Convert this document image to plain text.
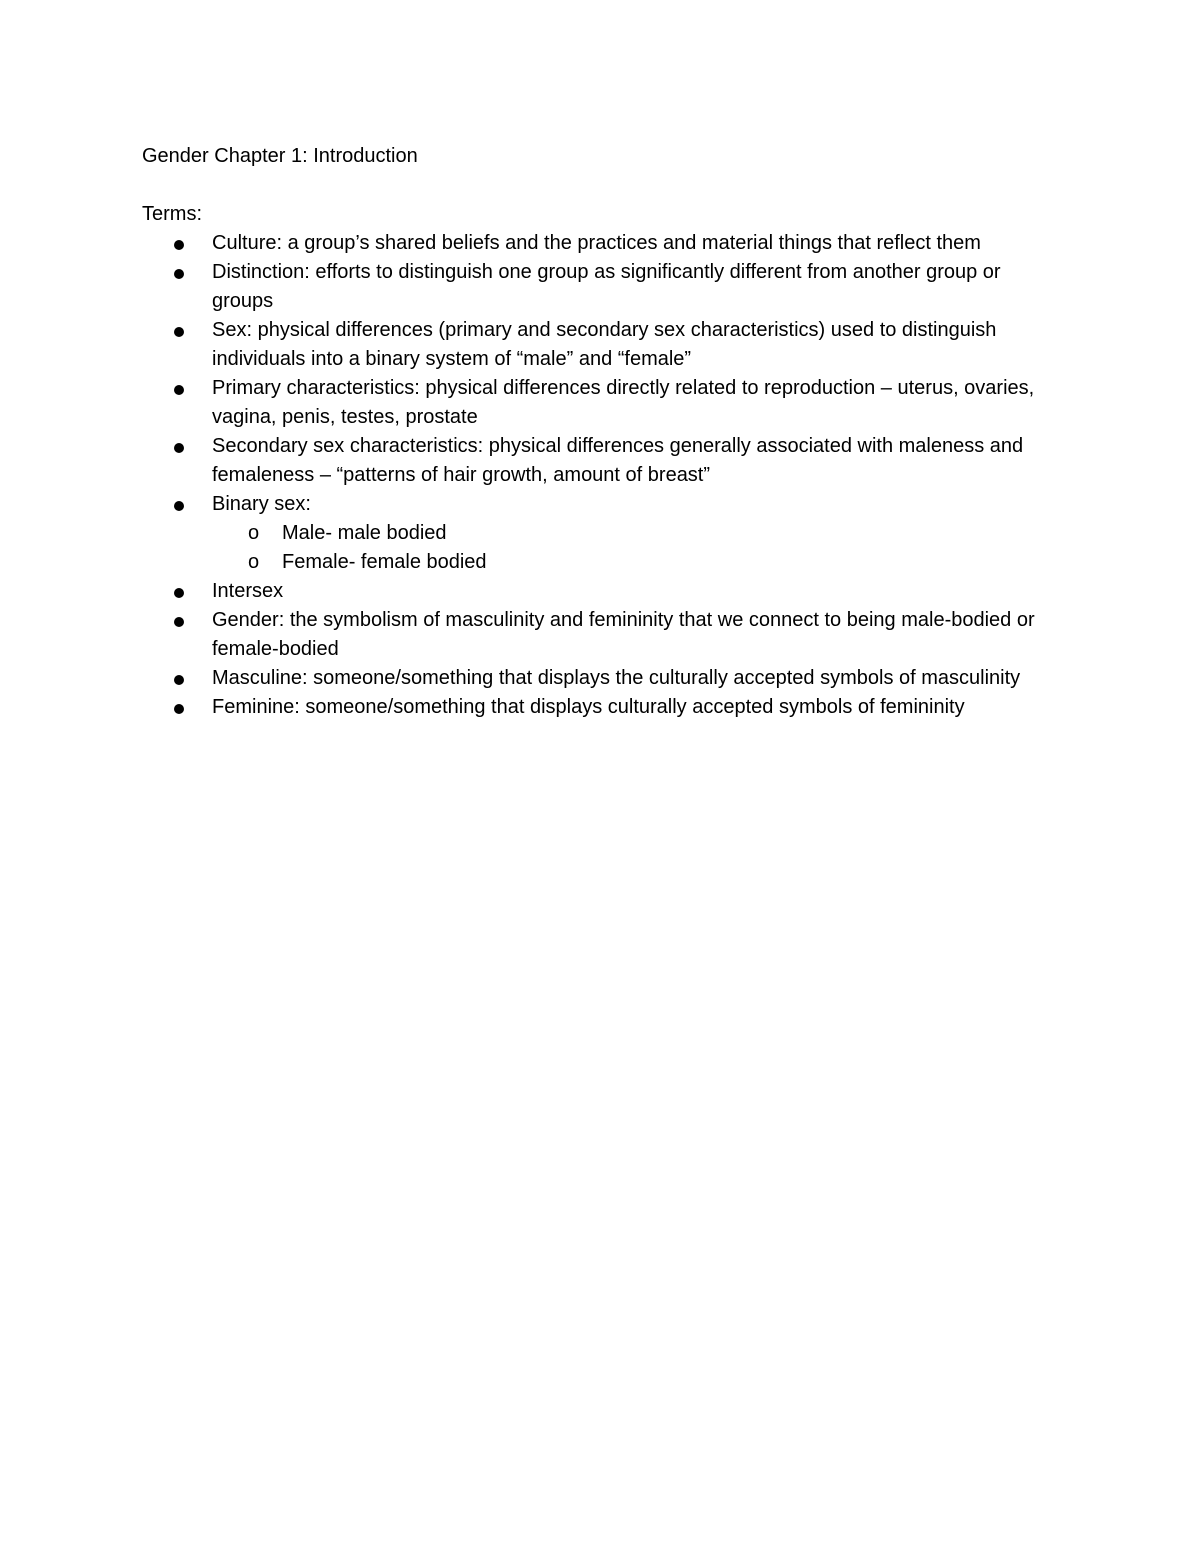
Gender Chapter 1: Introduction
Terms:
Culture: a group’s shared beliefs and the practices and material things that reflect them
Distinction: efforts to distinguish one group as significantly different from another group or groups
Sex: physical differences (primary and secondary sex characteristics) used to distinguish individuals into a binary system of “male” and “female”
Primary characteristics: physical differences directly related to reproduction – uterus, ovaries, vagina, penis, testes, prostate
Secondary sex characteristics: physical differences generally associated with maleness and femaleness – “patterns of hair growth, amount of breast”
Binary sex:
o Male- male bodied
o Female- female bodied
Intersex
Gender: the symbolism of masculinity and femininity that we connect to being male-bodied or female-bodied
Masculine: someone/something that displays the culturally accepted symbols of masculinity
Feminine: someone/something that displays culturally accepted symbols of femininity
